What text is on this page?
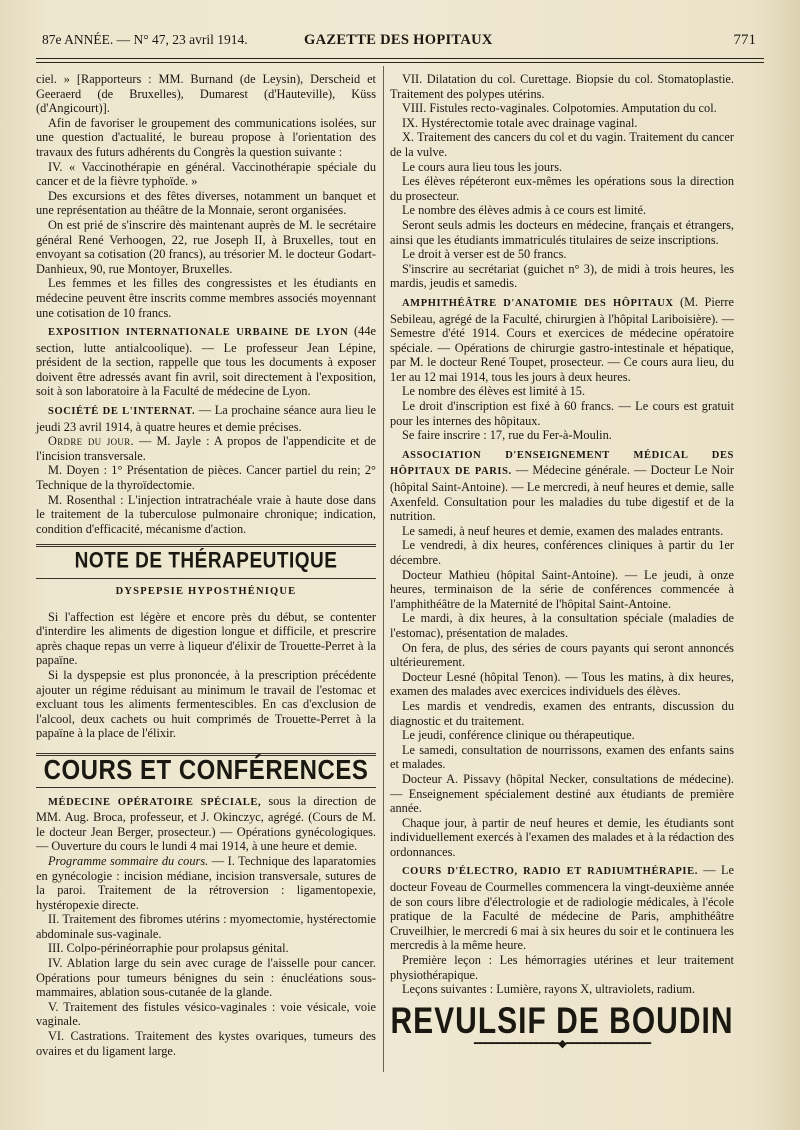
87e ANNÉE. — N° 47, 23 avril 1914.	GAZETTE DES HOPITAUX	771

ciel. » [Rapporteurs : MM. Burnand (de Leysin), Derscheid et Geeraerd (de Bruxelles), Dumarest (d'Hauteville), Küss (d'Angicourt)].

Afin de favoriser le groupement des communications isolées, sur une question d'actualité, le bureau propose à l'orientation des travaux des futurs adhérents du Congrès la question suivante :

IV. « Vaccinothérapie en général. Vaccinothérapie spéciale du cancer et de la fièvre typhoïde. »

Des excursions et des fêtes diverses, notamment un banquet et une représentation au théâtre de la Monnaie, seront organisées.

On est prié de s'inscrire dès maintenant auprès de M. le secrétaire général René Verhoogen, 22, rue Joseph II, à Bruxelles, tout en envoyant sa cotisation (20 francs), au trésorier M. le docteur Godart-Danhieux, 90, rue Montoyer, Bruxelles.

Les femmes et les filles des congressistes et les étudiants en médecine peuvent être inscrits comme membres associés moyennant une cotisation de 10 francs.

EXPOSITION INTERNATIONALE URBAINE DE LYON (44e section, lutte antialcoolique). — Le professeur Jean Lépine, président de la section, rappelle que tous les documents à exposer doivent être adressés avant fin avril, soit directement à l'exposition, soit à son laboratoire à la Faculté de médecine de Lyon.

SOCIÉTÉ DE L'INTERNAT. — La prochaine séance aura lieu le jeudi 23 avril 1914, à quatre heures et demie précises.

Ordre du jour. — M. Jayle : A propos de l'appendicite et de l'incision transversale.

M. Doyen : 1° Présentation de pièces. Cancer partiel du rein; 2° Technique de la thyroïdectomie.

M. Rosenthal : L'injection intratrachéale vraie à haute dose dans le traitement de la tuberculose pulmonaire chronique; indication, condition d'efficacité, mécanisme d'action.

NOTE DE THÉRAPEUTIQUE
DYSPEPSIE HYPOSTHÉNIQUE

Si l'affection est légère et encore près du début, se contenter d'interdire les aliments de digestion longue et difficile, et prescrire après chaque repas un verre à liqueur d'élixir de Trouette-Perret à la papaïne.

Si la dyspepsie est plus prononcée, à la prescription précédente ajouter un régime réduisant au minimum le travail de l'estomac et excluant tous les aliments fermentescibles. En cas d'exclusion de l'alcool, deux cachets ou huit comprimés de Trouette-Perret à la papaïne à la place de l'élixir.

COURS ET CONFÉRENCES

MÉDECINE OPÉRATOIRE SPÉCIALE, sous la direction de MM. Aug. Broca, professeur, et J. Okinczyc, agrégé. (Cours de M. le docteur Jean Berger, prosecteur.) — Opérations gynécologiques. — Ouverture du cours le lundi 4 mai 1914, à une heure et demie.

Programme sommaire du cours. — I. Technique des laparatomies en gynécologie : incision médiane, incision transversale, sutures de la paroi. Traitement de la rétroversion : ligamentopexie, hystéropexie directe.

II. Traitement des fibromes utérins : myomectomie, hystérectomie abdominale sus-vaginale.

III. Colpo-périnéorraphie pour prolapsus génital.

IV. Ablation large du sein avec curage de l'aisselle pour cancer. Opérations pour tumeurs bénignes du sein : énucléations sous-mammaires, ablation sous-cutanée de la glande.

V. Traitement des fistules vésico-vaginales : voie vésicale, voie vaginale.

VI. Castrations. Traitement des kystes ovariques, tumeurs des ovaires et du ligament large.

VII. Dilatation du col. Curettage. Biopsie du col. Stomatoplastie. Traitement des polypes utérins.

VIII. Fistules recto-vaginales. Colpotomies. Amputation du col.

IX. Hystérectomie totale avec drainage vaginal.

X. Traitement des cancers du col et du vagin. Traitement du cancer de la vulve.

Le cours aura lieu tous les jours.

Les élèves répéteront eux-mêmes les opérations sous la direction du prosecteur.

Le nombre des élèves admis à ce cours est limité.

Seront seuls admis les docteurs en médecine, français et étrangers, ainsi que les étudiants immatriculés titulaires de seize inscriptions.

Le droit à verser est de 50 francs.

S'inscrire au secrétariat (guichet n° 3), de midi à trois heures, les mardis, jeudis et samedis.

AMPHITHÉÂTRE D'ANATOMIE DES HÔPITAUX (M. Pierre Sebileau, agrégé de la Faculté, chirurgien à l'hôpital Lariboisière). — Semestre d'été 1914. Cours et exercices de médecine opératoire spéciale. — Opérations de chirurgie gastro-intestinale et hépatique, par M. le docteur René Toupet, prosecteur. — Ce cours aura lieu, du 1er au 12 mai 1914, tous les jours à deux heures.

Le nombre des élèves est limité à 15.

Le droit d'inscription est fixé à 60 francs. — Le cours est gratuit pour les internes des hôpitaux.

Se faire inscrire : 17, rue du Fer-à-Moulin.

ASSOCIATION D'ENSEIGNEMENT MÉDICAL DES HÔPITAUX DE PARIS. — Médecine générale. — Docteur Le Noir (hôpital Saint-Antoine). — Le mercredi, à neuf heures et demie, salle Axenfeld. Consultation pour les maladies du tube digestif et de la nutrition.

Le samedi, à neuf heures et demie, examen des malades entrants.

Le vendredi, à dix heures, conférences cliniques à partir du 1er décembre.

Docteur Mathieu (hôpital Saint-Antoine). — Le jeudi, à onze heures, terminaison de la série de conférences commencée à l'amphithéâtre de la Maternité de l'hôpital Saint-Antoine.

Le mardi, à dix heures, à la consultation spéciale (maladies de l'estomac), présentation de malades.

On fera, de plus, des séries de cours payants qui seront annoncés ultérieurement.

Docteur Lesné (hôpital Tenon). — Tous les matins, à dix heures, examen des malades avec exercices individuels des élèves.

Les mardis et vendredis, examen des entrants, discussion du diagnostic et du traitement.

Le jeudi, conférence clinique ou thérapeutique.

Le samedi, consultation de nourrissons, examen des enfants sains et malades.

Docteur A. Pissavy (hôpital Necker, consultations de médecine). — Enseignement spécialement destiné aux étudiants de première année.

Chaque jour, à partir de neuf heures et demie, les étudiants sont individuellement exercés à l'examen des malades et à la rédaction des ordonnances.

COURS D'ÉLECTRO, RADIO ET RADIUMTHÉRAPIE. — Le docteur Foveau de Courmelles commencera la vingt-deuxième année de son cours libre d'électrologie et de radiologie médicales, à l'école pratique de la Faculté de médecine de Paris, amphithéâtre Cruveilhier, le mercredi 6 mai à six heures du soir et le continuera les mercredis à la même heure.

Première leçon : Les hémorragies utérines et leur traitement physiothérapique.

Leçons suivantes : Lumière, rayons X, ultraviolets, radium.

REVULSIF DE BOUDIN
━━━━━━━━━━━━━━━◆━━━━━━━━━━━━━━━
